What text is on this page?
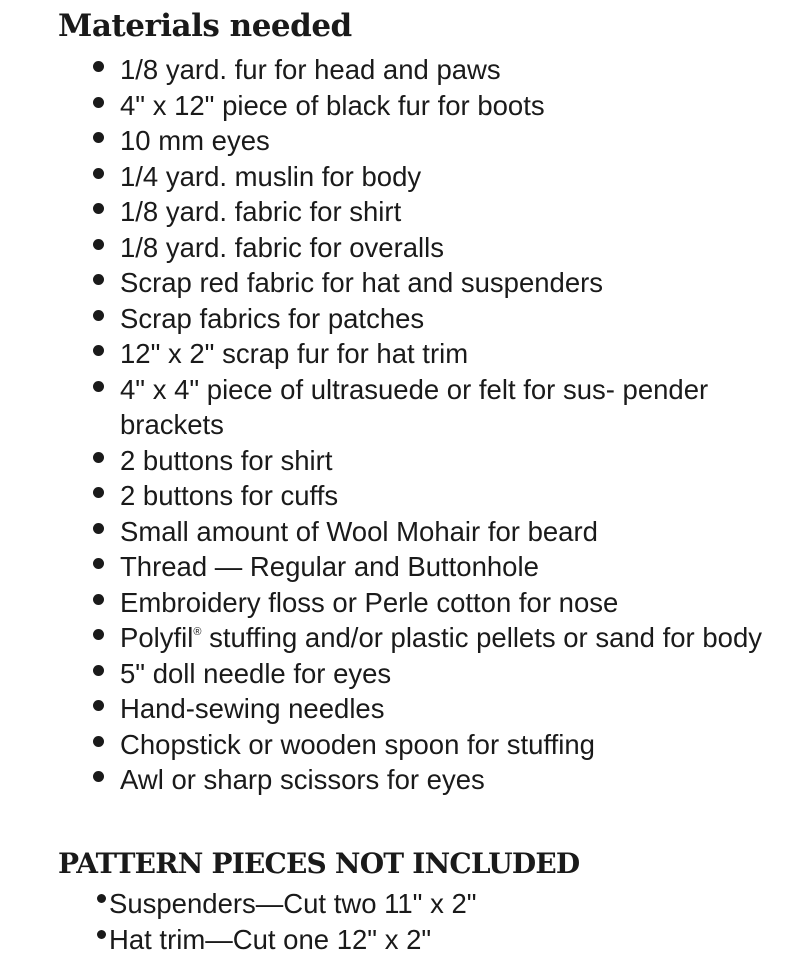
Materials needed
1/8 yard. fur for head and paws
4" x 12" piece of black fur for boots
10 mm eyes
1/4 yard. muslin for body
1/8 yard. fabric for shirt
1/8 yard. fabric for overalls
Scrap red fabric for hat and suspenders
Scrap fabrics for patches
12" x 2" scrap fur for hat trim
4" x 4" piece of ultrasuede or felt for sus- pender brackets
2 buttons for shirt
2 buttons for cuffs
Small amount of Wool Mohair for beard
Thread — Regular and Buttonhole
Embroidery floss or Perle cotton for nose
Polyfil® stuffing and/or plastic pellets or sand for body
5" doll needle for eyes
Hand-sewing needles
Chopstick or wooden spoon for stuffing
Awl or sharp scissors for eyes
PATTERN PIECES NOT INCLUDED
Suspenders—Cut two 11" x 2"
Hat trim—Cut one 12" x 2"
